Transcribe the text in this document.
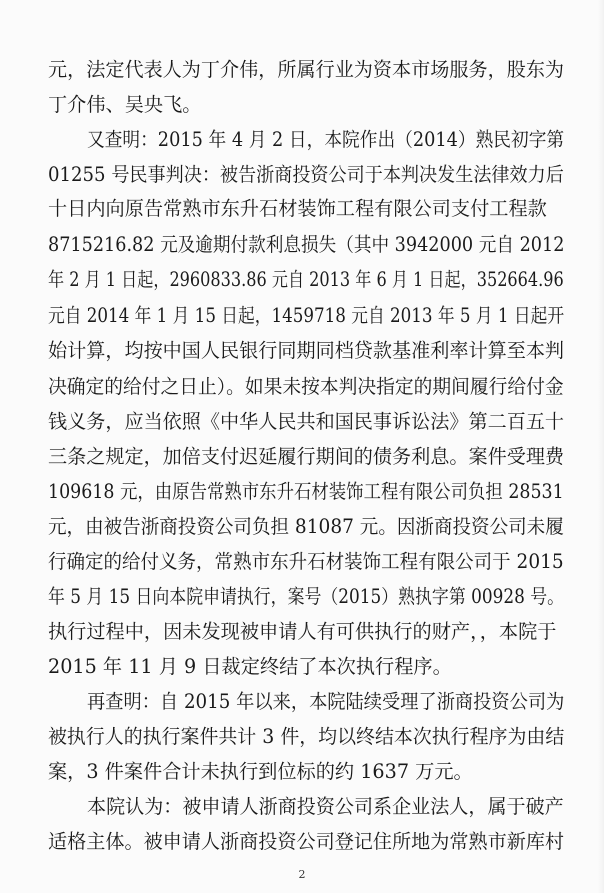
元，法定代表人为丁介伟，所属行业为资本市场服务，股东为
丁介伟、吴央飞。
又查明：2015 年 4 月 2 日，本院作出（2014）熟民初字第
01255 号民事判决：被告浙商投资公司于本判决发生法律效力后
十日内向原告常熟市东升石材装饰工程有限公司支付工程款
8715216.82 元及逾期付款利息损失（其中 3942000 元自 2012
年 2 月 1 日起，2960833.86 元自 2013 年 6 月 1 日起，352664.96
元自 2014 年 1 月 15 日起，1459718 元自 2013 年 5 月 1 日起开
始计算，均按中国人民银行同期同档贷款基准利率计算至本判
决确定的给付之日止）。如果未按本判决指定的期间履行给付金
钱义务，应当依照《中华人民共和国民事诉讼法》第二百五十
三条之规定，加倍支付迟延履行期间的债务利息。案件受理费
109618 元，由原告常熟市东升石材装饰工程有限公司负担 28531
元，由被告浙商投资公司负担 81087 元。因浙商投资公司未履
行确定的给付义务，常熟市东升石材装饰工程有限公司于 2015
年 5 月 15 日向本院申请执行，案号（2015）熟执字第 00928 号。
执行过程中，因未发现被申请人有可供执行的财产，，本院于
2015 年 11 月 9 日裁定终结了本次执行程序。
再查明：自 2015 年以来，本院陆续受理了浙商投资公司为
被执行人的执行案件共计 3 件，均以终结本次执行程序为由结
案，3 件案件合计未执行到位标的约 1637 万元。
本院认为：被申请人浙商投资公司系企业法人，属于破产
适格主体。被申请人浙商投资公司登记住所地为常熟市新库村
2
